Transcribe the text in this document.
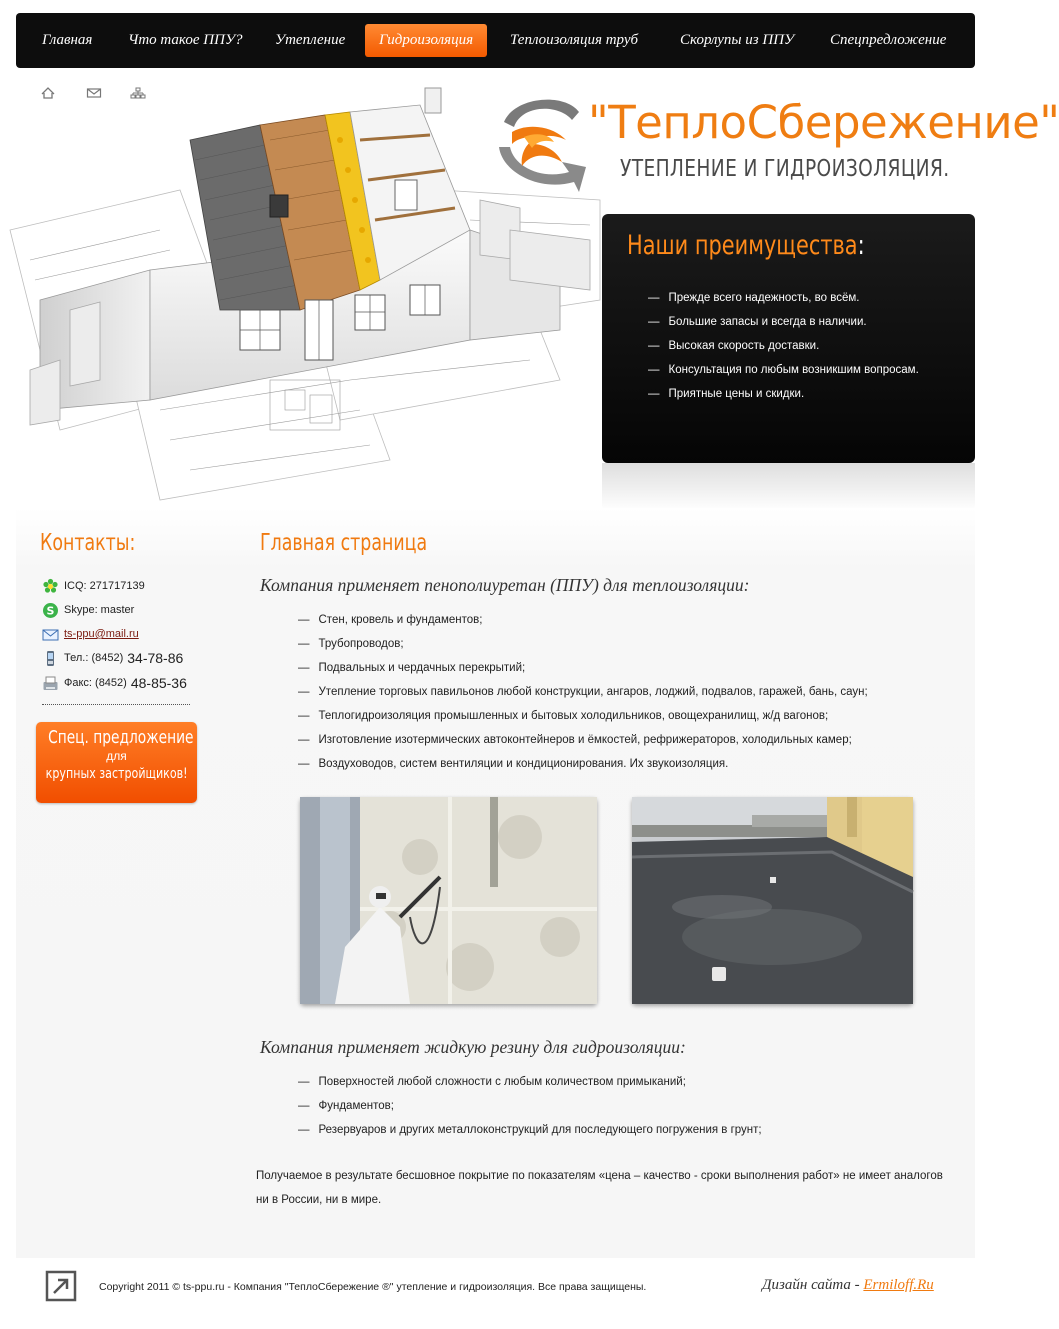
Главная	Что такое ППУ?	Утепление	Гидроизоляция	Теплоизоляция труб	Скорлупы из ППУ	Спецпредложение
"ТеплоСбережение"
УТЕПЛЕНИЕ И ГИДРОИЗОЛЯЦИЯ.
Наши преимущества:
— Прежде всего надежность, во всём.
— Большие запасы и всегда в наличии.
— Высокая скорость доставки.
— Консультация по любым возникшим вопросам.
— Приятные цены и скидки.
Контакты:
ICQ: 271717139
S Skype: master
ts-ppu@mail.ru
Тел.: (8452) 34-78-86
Факс: (8452) 48-85-36
Спец. предложение
для
крупных застройщиков!
Главная страница
Компания применяет пенополиуретан (ППУ) для теплоизоляции:
— Стен, кровель и фундаментов;
— Трубопроводов;
— Подвальных и чердачных перекрытий;
— Утепление торговых павильонов любой конструкции, ангаров, лоджий, подвалов, гаражей, бань, саун;
— Теплогидроизоляция промышленных и бытовых холодильников, овощехранилищ, ж/д вагонов;
— Изготовление изотермических автоконтейнеров и ёмкостей, рефрижераторов, холодильных камер;
— Воздуховодов, систем вентиляции и кондиционирования. Их звукоизоляция.
Компания применяет жидкую резину для гидроизоляции:
— Поверхностей любой сложности с любым количеством примыканий;
— Фундаментов;
— Резервуаров и других металлоконструкций для последующего погружения в грунт;
Получаемое в результате бесшовное покрытие по показателям «цена – качество - сроки выполнения работ» не имеет аналогов ни в России, ни в мире.
Copyright 2011 © ts-ppu.ru - Компания "ТеплоСбережение ®" утепление и гидроизоляция. Все права защищены.	Дизайн сайта - Ermiloff.Ru
